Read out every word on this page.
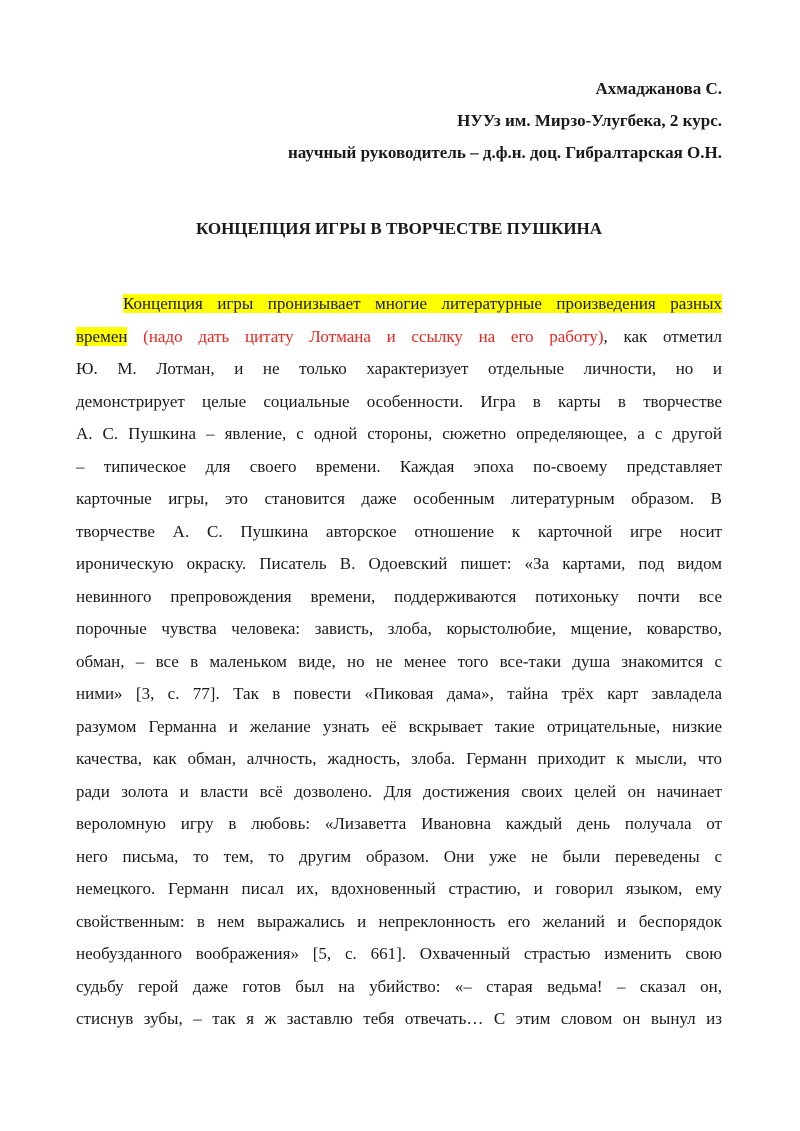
Ахмаджанова С.
НУУз им. Мирзо-Улугбека, 2 курс.
научный руководитель – д.ф.н. доц. Гибралтарская О.Н.
КОНЦЕПЦИЯ ИГРЫ В ТВОРЧЕСТВЕ ПУШКИНА
Концепция игры пронизывает многие литературные произведения разных
времен (надо дать цитату Лотмана и ссылку на его работу), как отметил
Ю. М. Лотман, и не только характеризует отдельные личности, но и
демонстрирует целые социальные особенности. Игра в карты в творчестве
А. С. Пушкина – явление, с одной стороны, сюжетно определяющее, а с другой
– типическое для своего времени. Каждая эпоха по-своему представляет
карточные игры, это становится даже особенным литературным образом. В
творчестве А. С. Пушкина авторское отношение к карточной игре носит
ироническую окраску. Писатель В. Одоевский пишет: «За картами, под видом
невинного препровождения времени, поддерживаются потихоньку почти все
порочные чувства человека: зависть, злоба, корыстолюбие, мщение, коварство,
обман, – все в маленьком виде, но не менее того все-таки душа знакомится с
ними» [3, с. 77]. Так в повести «Пиковая дама», тайна трёх карт завладела
разумом Германна и желание узнать её вскрывает такие отрицательные, низкие
качества, как обман, алчность, жадность, злоба. Германн приходит к мысли, что
ради золота и власти всё дозволено. Для достижения своих целей он начинает
вероломную игру в любовь: «Лизаветта Ивановна каждый день получала от
него письма, то тем, то другим образом. Они уже не были переведены с
немецкого. Германн писал их, вдохновенный страстию, и говорил языком, ему
свойственным: в нем выражались и непреклонность его желаний и беспорядок
необузданного воображения» [5, с. 661]. Охваченный страстью изменить свою
судьбу герой даже готов был на убийство: «– старая ведьма! – сказал он,
стиснув зубы, – так я ж заставлю тебя отвечать… С этим словом он вынул из
